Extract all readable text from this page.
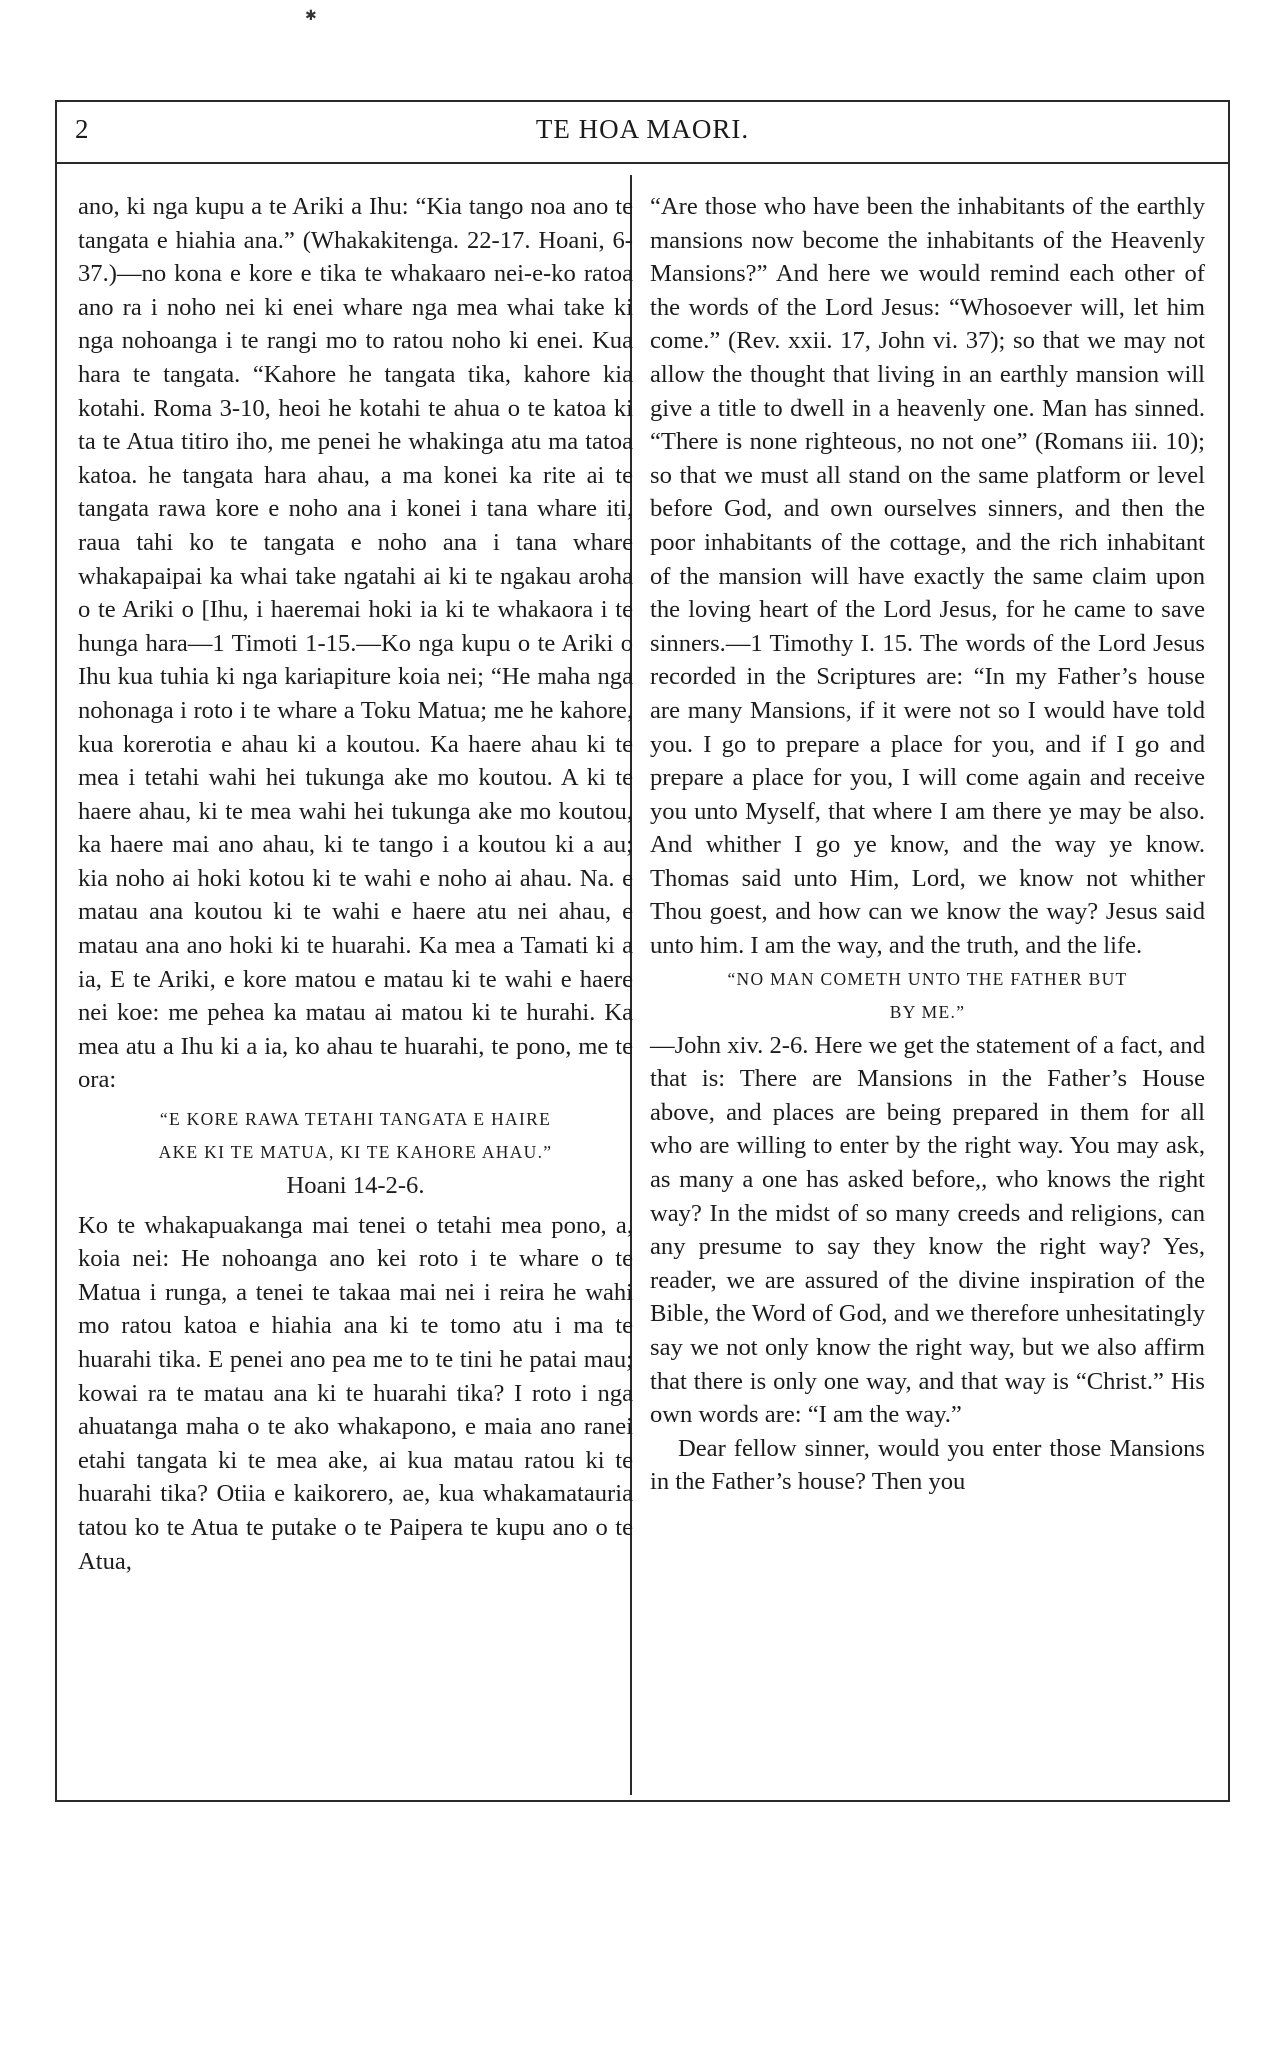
✱
2	TE HOA MAORI.

ano, ki nga kupu a te Ariki a Ihu: “Kia tango noa ano te tangata e hiahia ana.” (Whakakitenga. 22-17. Hoani, 6-37.)—no kona e kore e tika te whakaaro nei-e-ko ratoa ano ra i noho nei ki enei whare nga mea whai take ki nga nohoanga i te rangi mo to ratou noho ki enei. Kua hara te tangata. “Kahore he tangata tika, kahore kia kotahi. Roma 3-10, heoi he kotahi te ahua o te katoa ki ta te Atua titiro iho, me penei he whakinga atu ma tatoa katoa. he tangata hara ahau, a ma konei ka rite ai te tangata rawa kore e noho ana i konei i tana whare iti, raua tahi ko te tangata e noho ana i tana whare whakapaipai ka whai take ngatahi ai ki te ngakau aroha o te Ariki o [Ihu, i haeremai hoki ia ki te whakaora i te hunga hara—1 Timoti 1-15.—Ko nga kupu o te Ariki o Ihu kua tuhia ki nga kariapiture koia nei; “He maha nga nohonaga i roto i te whare a Toku Matua; me he kahore, kua korerotia e ahau ki a koutou. Ka haere ahau ki te mea i tetahi wahi hei tukunga ake mo koutou. A ki te haere ahau, ki te mea wahi hei tukunga ake mo koutou, ka haere mai ano ahau, ki te tango i a koutou ki a au; kia noho ai hoki kotou ki te wahi e noho ai ahau. Na. e matau ana koutou ki te wahi e haere atu nei ahau, e matau ana ano hoki ki te huarahi. Ka mea a Tamati ki a ia, E te Ariki, e kore matou e matau ki te wahi e haere nei koe: me pehea ka matau ai matou ki te hurahi. Ka mea atu a Ihu ki a ia, ko ahau te huarahi, te pono, me te ora:

“E KORE RAWA TETAHI TANGATA E HAIRE

AKE KI TE MATUA, KI TE KAHORE AHAU.”

Hoani 14-2-6.

Ko te whakapuakanga mai tenei o tetahi mea pono, a, koia nei: He nohoanga ano kei roto i te whare o te Matua i runga, a tenei te takaa mai nei i reira he wahi mo ratou katoa e hiahia ana ki te tomo atu i ma te huarahi tika. E penei ano pea me to te tini he patai mau; kowai ra te matau ana ki te huarahi tika? I roto i nga ahuatanga maha o te ako whakapono, e maia ano ranei etahi tangata ki te mea ake, ai kua matau ratou ki te huarahi tika? Otiia e kaikorero, ae, kua whakamatauria tatou ko te Atua te putake o te Paipera te kupu ano o te Atua,

“Are those who have been the inhabitants of the earthly mansions now become the inhabitants of the Heavenly Mansions?” And here we would remind each other of the words of the Lord Jesus: “Whosoever will, let him come.” (Rev. xxii. 17, John vi. 37); so that we may not allow the thought that living in an earthly mansion will give a title to dwell in a heavenly one. Man has sinned. “There is none righteous, no not one” (Romans iii. 10); so that we must all stand on the same platform or level before God, and own ourselves sinners, and then the poor inhabitants of the cottage, and the rich inhabitant of the mansion will have exactly the same claim upon the loving heart of the Lord Jesus, for he came to save sinners.—1 Timothy I. 15. The words of the Lord Jesus recorded in the Scriptures are: “In my Father’s house are many Mansions, if it were not so I would have told you. I go to prepare a place for you, and if I go and prepare a place for you, I will come again and receive you unto Myself, that where I am there ye may be also. And whither I go ye know, and the way ye know. Thomas said unto Him, Lord, we know not whither Thou goest, and how can we know the way? Jesus said unto him. I am the way, and the truth, and the life.

“NO MAN COMETH UNTO THE FATHER BUT

BY ME.”

—John xiv. 2-6. Here we get the statement of a fact, and that is: There are Mansions in the Father’s House above, and places are being prepared in them for all who are willing to enter by the right way. You may ask, as many a one has asked before,, who knows the right way? In the midst of so many creeds and religions, can any presume to say they know the right way? Yes, reader, we are assured of the divine inspiration of the Bible, the Word of God, and we therefore unhesitatingly say we not only know the right way, but we also affirm that there is only one way, and that way is “Christ.” His own words are: “I am the way.”

Dear fellow sinner, would you enter those Mansions in the Father’s house? Then you
